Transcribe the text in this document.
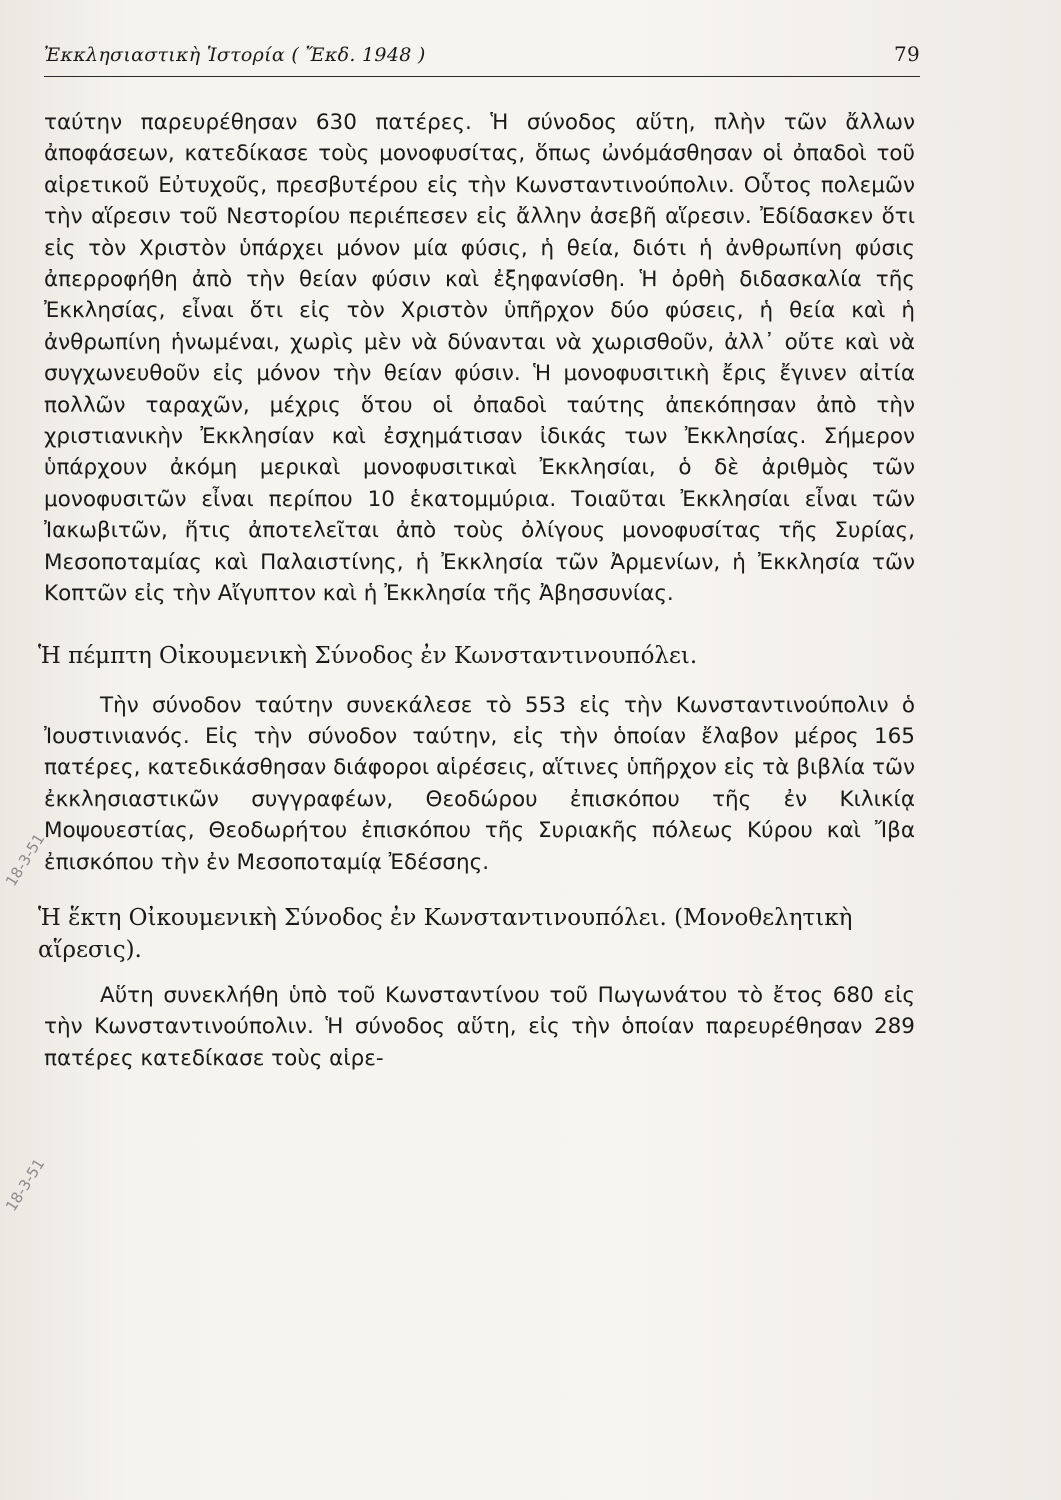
Ἐκκλησιαστικὴ Ἱστορία ( Ἔκδ. 1948 )	79

ταύτην παρευρέθησαν 630 πατέρες. Ἡ σύνοδος αὕτη, πλὴν τῶν ἄλλων ἀποφάσεων, κατεδίκασε τοὺς μονοφυσίτας, ὅπως ὠνόμάσθησαν οἱ ὀπαδοὶ τοῦ αἱρετικοῦ Εὐτυχοῦς, πρεσβυτέρου εἰς τὴν Κωνσταντινούπολιν. Οὗτος πολεμῶν τὴν αἵρεσιν τοῦ Νεστορίου περιέπεσεν εἰς ἄλλην ἀσεβῆ αἵρεσιν. Ἐδίδασκεν ὅτι εἰς τὸν Χριστὸν ὑπάρχει μόνον μία φύσις, ἡ θεία, διότι ἡ ἀνθρωπίνη φύσις ἀπερροφήθη ἀπὸ τὴν θείαν φύσιν καὶ ἐξηφανίσθη. Ἡ ὀρθὴ διδασκαλία τῆς Ἐκκλησίας, εἶναι ὅτι εἰς τὸν Χριστὸν ὑπῆρχον δύο φύσεις, ἡ θεία καὶ ἡ ἀνθρωπίνη ἡνωμέναι, χωρὶς μὲν νὰ δύνανται νὰ χωρισθοῦν, ἀλλ᾽ οὔτε καὶ νὰ συγχωνευθοῦν εἰς μόνον τὴν θείαν φύσιν. Ἡ μονοφυσιτικὴ ἔρις ἔγινεν αἰτία πολλῶν ταραχῶν, μέχρις ὅτου οἱ ὀπαδοὶ ταύτης ἀπεκόπησαν ἀπὸ τὴν χριστιανικὴν Ἐκκλησίαν καὶ ἐσχημάτισαν ἰδικάς των Ἐκκλησίας. Σήμερον ὑπάρχουν ἀκόμη μερικαὶ μονοφυσιτικαὶ Ἐκκλησίαι, ὁ δὲ ἀριθμὸς τῶν μονοφυσιτῶν εἶναι περίπου 10 ἑκατομμύρια. Τοιαῦται Ἐκκλησίαι εἶναι τῶν Ἰακωβιτῶν, ἥτις ἀποτελεῖται ἀπὸ τοὺς ὀλίγους μονοφυσίτας τῆς Συρίας, Μεσοποταμίας καὶ Παλαιστίνης, ἡ Ἐκκλησία τῶν Ἀρμενίων, ἡ Ἐκκλησία τῶν Κοπτῶν εἰς τὴν Αἴγυπτον καὶ ἡ Ἐκκλησία τῆς Ἀβησσυνίας.

Ἡ πέμπτη Οἰκουμενικὴ Σύνοδος ἐν Κωνσταντινουπόλει.

Τὴν σύνοδον ταύτην συνεκάλεσε τὸ 553 εἰς τὴν Κωνσταντινούπολιν ὁ Ἰουστινιανός. Εἰς τὴν σύνοδον ταύτην, εἰς τὴν ὁποίαν ἔλαβον μέρος 165 πατέρες, κατεδικάσθησαν διάφοροι αἱρέσεις, αἵτινες ὑπῆρχον εἰς τὰ βιβλία τῶν ἐκκλησιαστικῶν συγγραφέων, Θεοδώρου ἐπισκόπου τῆς ἐν Κιλικίᾳ Μοψουεστίας, Θεοδωρήτου ἐπισκόπου τῆς Συριακῆς πόλεως Κύρου καὶ Ἴβα ἐπισκόπου τὴν ἐν Μεσοποταμίᾳ Ἐδέσσης.

Ἡ ἕκτη Οἰκουμενικὴ Σύνοδος ἐν Κωνσταντινουπόλει. (Μονοθελητικὴ αἵρεσις).

Αὕτη συνεκλήθη ὑπὸ τοῦ Κωνσταντίνου τοῦ Πωγωνάτου τὸ ἔτος 680 εἰς τὴν Κωνσταντινούπολιν. Ἡ σύνοδος αὕτη, εἰς τὴν ὁποίαν παρευρέθησαν 289 πατέρες κατεδίκασε τοὺς αἱρε-

18-3-51
18-3-51
